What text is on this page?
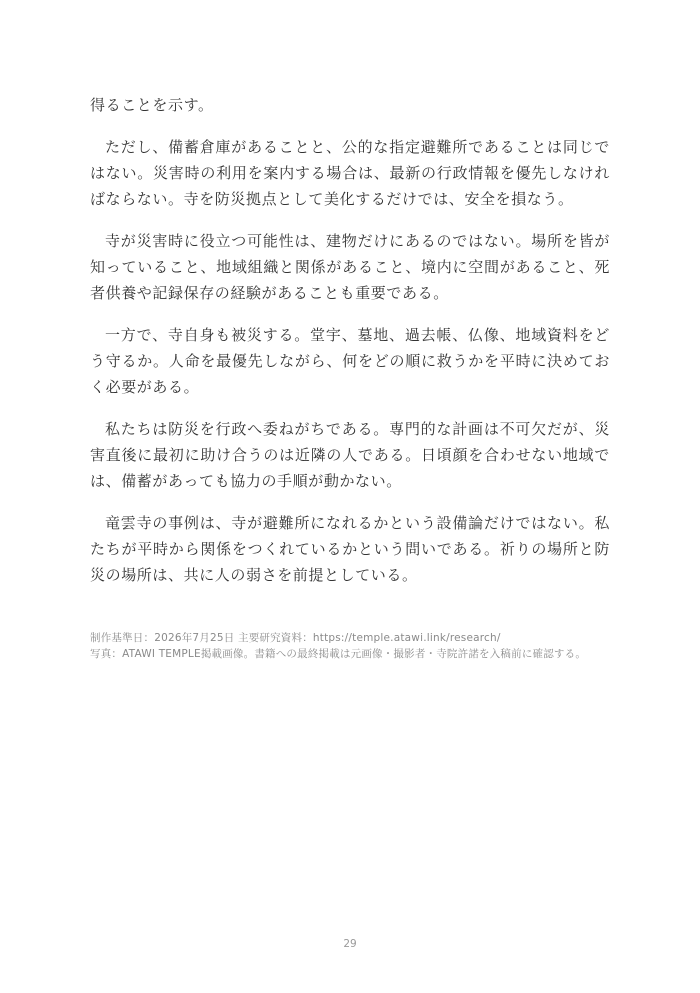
得ることを示す。

ただし、備蓄倉庫があることと、公的な指定避難所であることは同じではない。災害時の利用を案内する場合は、最新の行政情報を優先しなければならない。寺を防災拠点として美化するだけでは、安全を損なう。

寺が災害時に役立つ可能性は、建物だけにあるのではない。場所を皆が知っていること、地域組織と関係があること、境内に空間があること、死者供養や記録保存の経験があることも重要である。

一方で、寺自身も被災する。堂宇、墓地、過去帳、仏像、地域資料をどう守るか。人命を最優先しながら、何をどの順に救うかを平時に決めておく必要がある。

私たちは防災を行政へ委ねがちである。専門的な計画は不可欠だが、災害直後に最初に助け合うのは近隣の人である。日頃顔を合わせない地域では、備蓄があっても協力の手順が動かない。

竜雲寺の事例は、寺が避難所になれるかという設備論だけではない。私たちが平時から関係をつくれているかという問いである。祈りの場所と防災の場所は、共に人の弱さを前提としている。

制作基準日：2026年7月25日 主要研究資料：https://temple.atawi.link/research/

写真：ATAWI TEMPLE掲載画像。書籍への最終掲載は元画像・撮影者・寺院許諾を入稿前に確認する。

29
